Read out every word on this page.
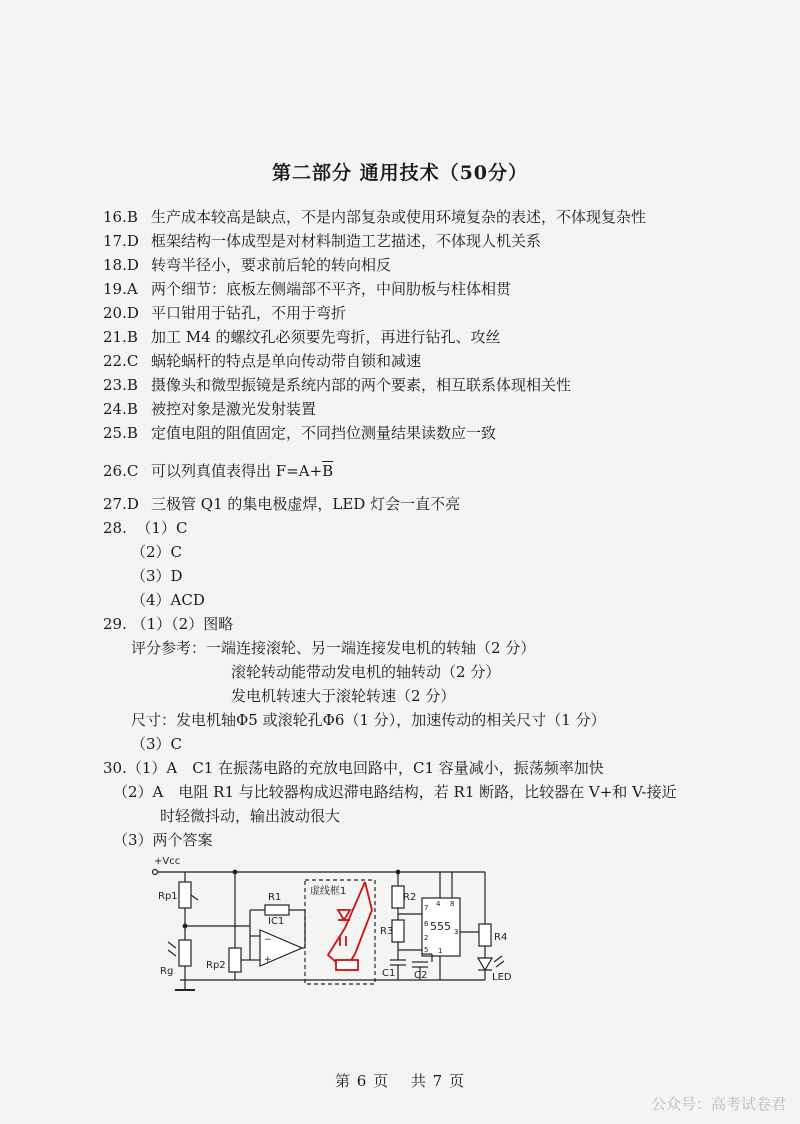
第二部分 通用技术（50分）
16.B 生产成本较高是缺点，不是内部复杂或使用环境复杂的表述，不体现复杂性
17.D 框架结构一体成型是对材料制造工艺描述，不体现人机关系
18.D 转弯半径小，要求前后轮的转向相反
19.A 两个细节：底板左侧端部不平齐，中间肋板与柱体相贯
20.D 平口钳用于钻孔，不用于弯折
21.B 加工 M4 的螺纹孔必须要先弯折，再进行钻孔、攻丝
22.C 蜗轮蜗杆的特点是单向传动带自锁和减速
23.B 摄像头和微型振镜是系统内部的两个要素，相互联系体现相关性
24.B 被控对象是激光发射装置
25.B 定值电阻的阻值固定，不同挡位测量结果读数应一致
26.C 可以列真值表得出 $F=A+\overline{B}$
27.D 三极管 Q1 的集电极虚焊，LED 灯会一直不亮
28. （1）C
（2）C
（3）D
（4）ACD
29. （1）（2）图略
评分参考：一端连接滚轮、另一端连接发电机的转轴（2 分）
滚轮转动能带动发电机的轴转动（2 分）
发电机转速大于滚轮转速（2 分）
尺寸：发电机轴Φ5 或滚轮孔Φ6（1 分），加速传动的相关尺寸（1 分）
（3）C
30.（1）A　C1 在振荡电路的充放电回路中，C1 容量减小，振荡频率加快
（2）A　电阻 R1 与比较器构成迟滞电路结构，若 R1 断路，比较器在 V+和 V-接近
时轻微抖动，输出波动很大
（3）两个答案
+Vcc
Rp1
Rg
Rp2
R1
−
+
IC1
虚线框1
R2
R3
C1
555
7
6
2
5
4 8
3
1
C2
R4
LED
第 6 页　 共 7 页
公众号：高考试卷君
